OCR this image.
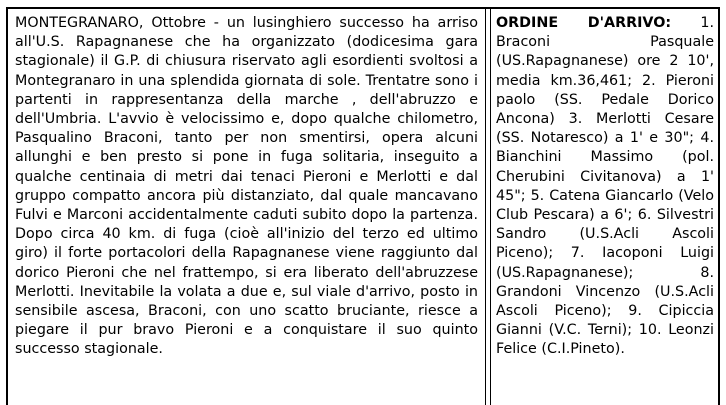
MONTEGRANARO, Ottobre - un lusinghiero successo ha arriso all'U.S. Rapagnanese che ha organizzato (dodicesima gara stagionale) il G.P. di chiusura riservato agli esordienti svoltosi a Montegranaro in una splendida giornata di sole. Trentatre sono i partenti in rappresentanza della marche , dell'abruzzo e dell'Umbria. L'avvio è velocissimo e, dopo qualche chilometro, Pasqualino Braconi, tanto per non smentirsi, opera alcuni allunghi e ben presto si pone in fuga solitaria, inseguito a qualche centinaia di metri dai tenaci Pieroni e Merlotti e dal gruppo compatto ancora più distanziato, dal quale mancavano Fulvi e Marconi accidentalmente caduti subito dopo la partenza. Dopo circa 40 km. di fuga (cioè all'inizio del terzo ed ultimo giro) il forte portacolori della Rapagnanese viene raggiunto dal dorico Pieroni che nel frattempo, si era liberato dell'abruzzese Merlotti. Inevitabile la volata a due e, sul viale d'arrivo, posto in sensibile ascesa, Braconi, con uno scatto bruciante, riesce a piegare il pur bravo Pieroni e a conquistare il suo quinto successo stagionale.

ORDINE D'ARRIVO: 1. Braconi Pasquale (US.Rapagnanese) ore 2 10', media km.36,461; 2. Pieroni paolo (SS. Pedale Dorico Ancona) 3. Merlotti Cesare (SS. Notaresco) a 1' e 30"; 4. Bianchini Massimo (pol. Cherubini Civitanova) a 1' 45"; 5. Catena Giancarlo (Velo Club Pescara) a 6'; 6. Silvestri Sandro (U.S.Acli Ascoli Piceno); 7. Iacoponi Luigi (US.Rapagnanese); 8. Grandoni Vincenzo (U.S.Acli Ascoli Piceno); 9. Cipiccia Gianni (V.C. Terni); 10. Leonzi Felice (C.I.Pineto).
